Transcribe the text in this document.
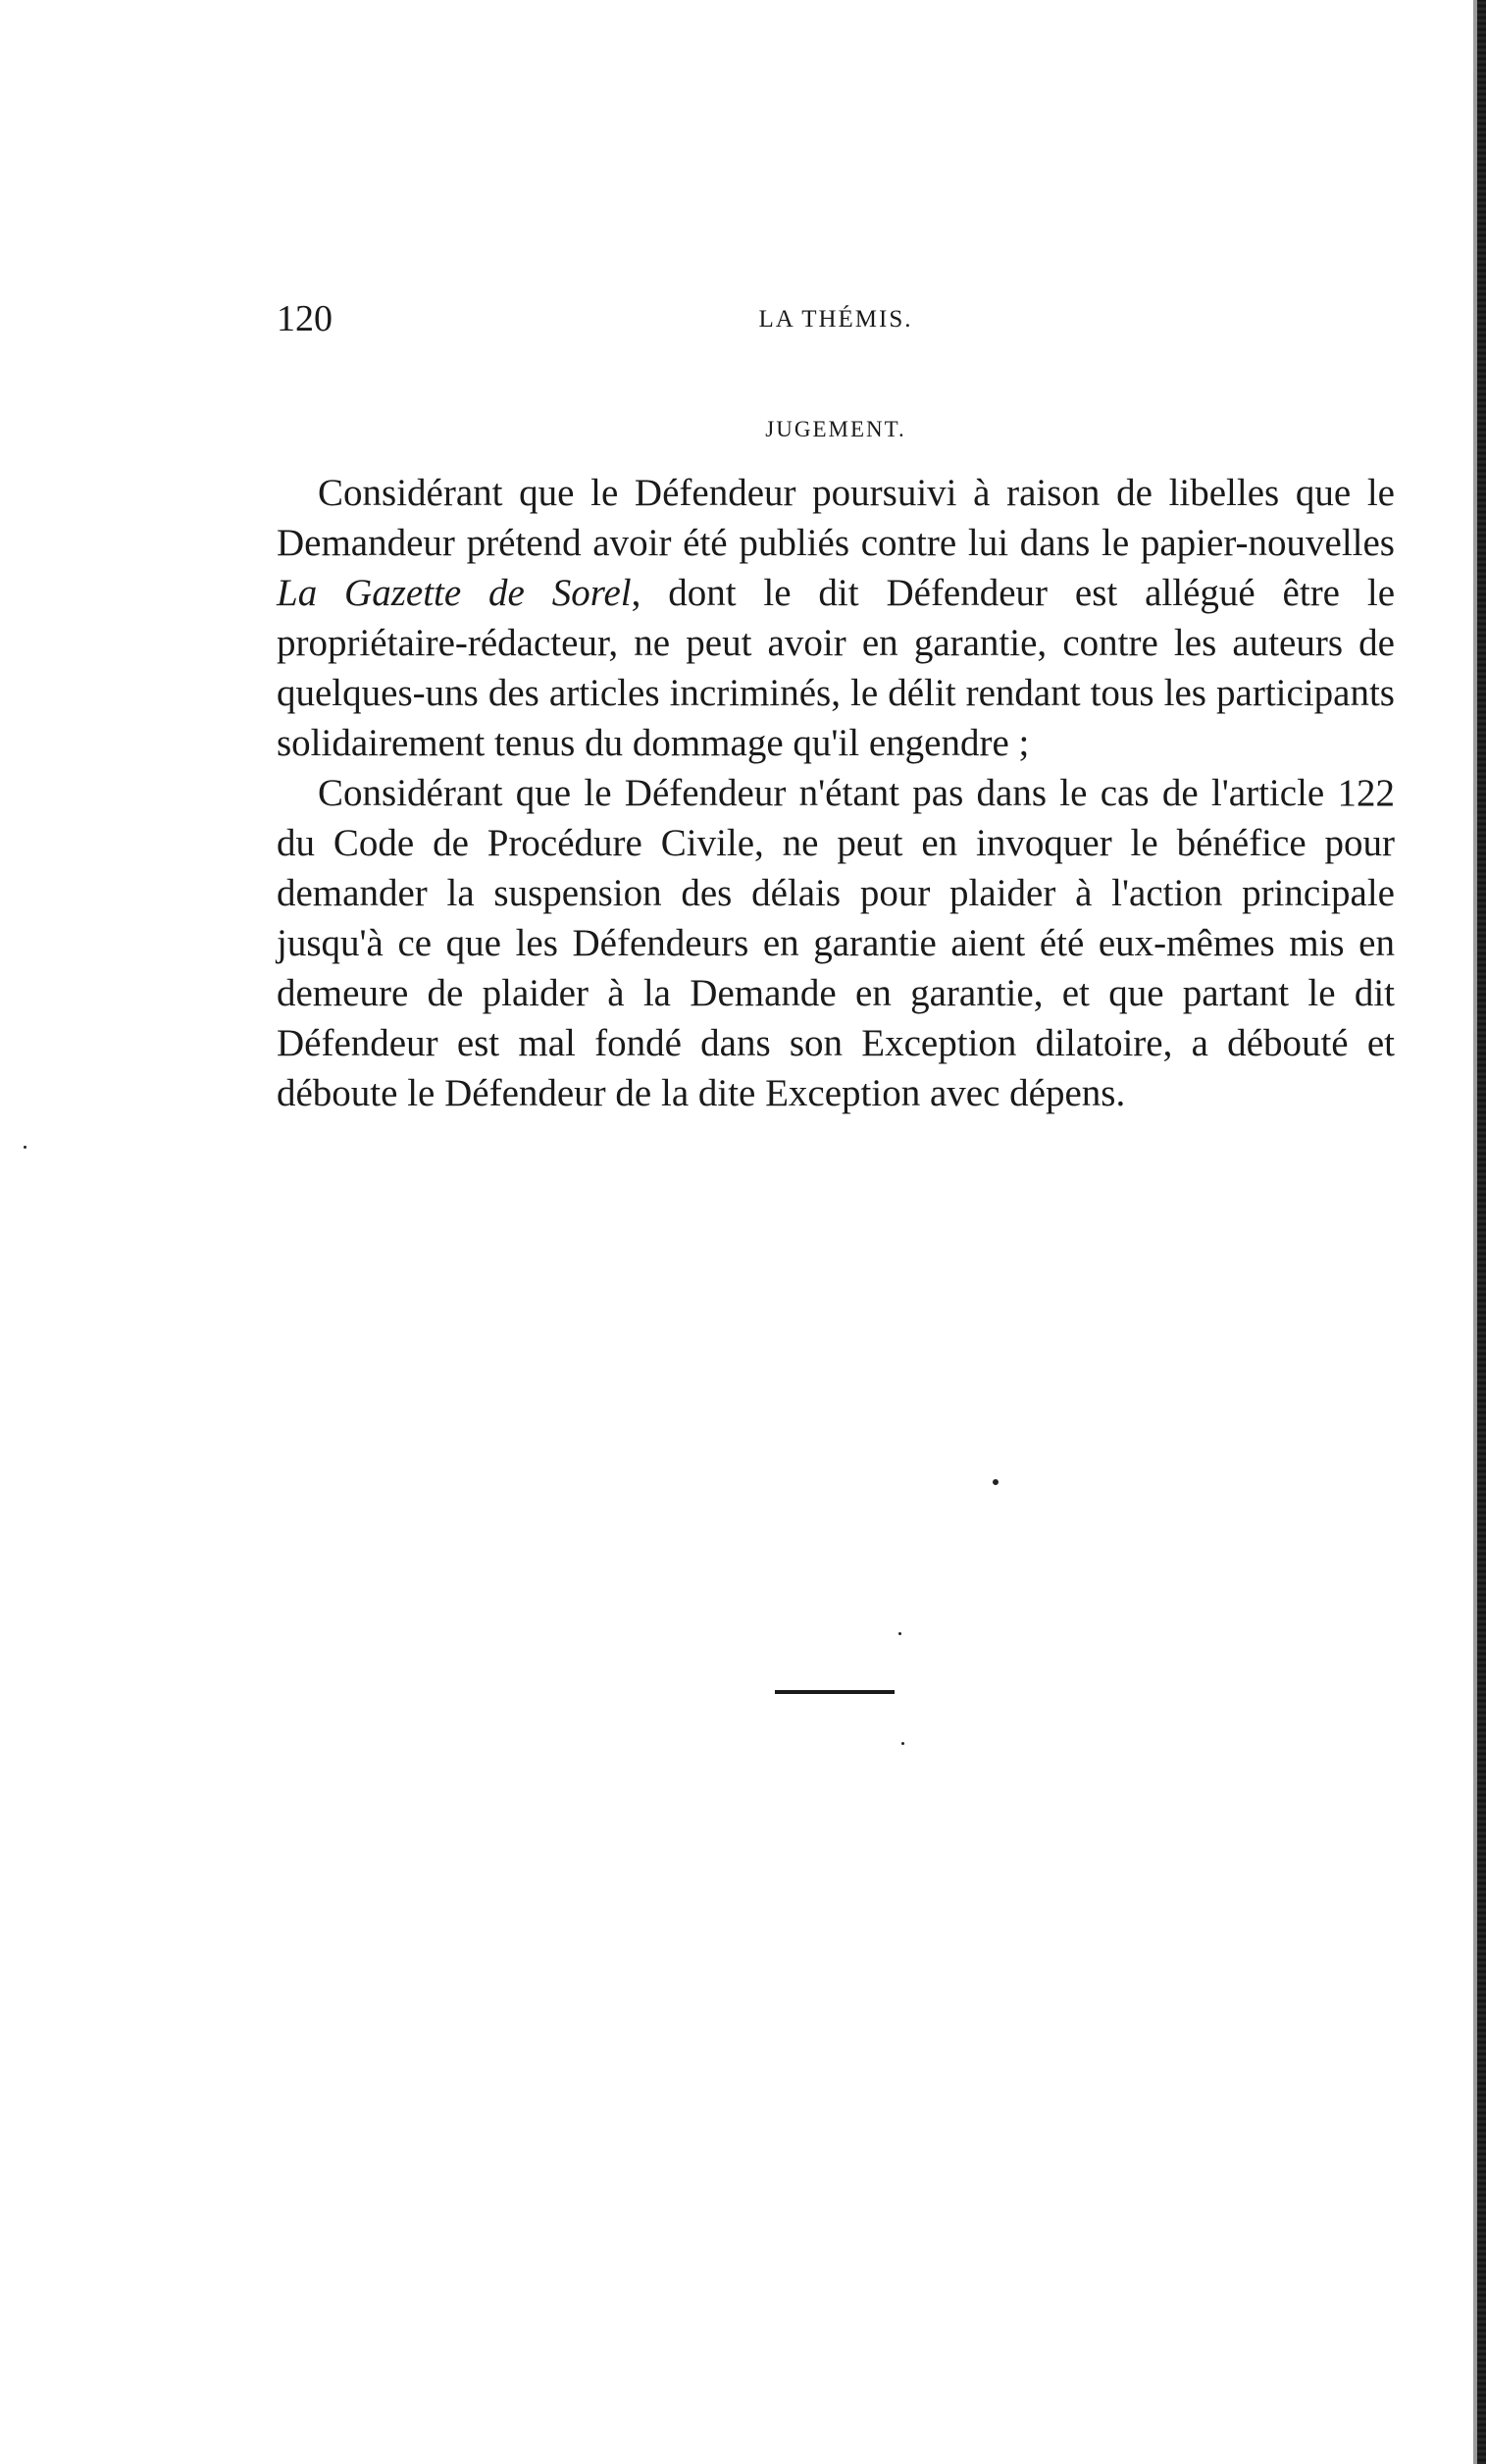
120	LA THÉMIS.
JUGEMENT.

Considérant que le Défendeur poursuivi à raison de libelles que le Demandeur prétend avoir été publiés contre lui dans le papier-nouvelles La Gazette de Sorel, dont le dit Défendeur est allégué être le propriétaire-rédacteur, ne peut avoir en garantie, contre les auteurs de quelques-uns des articles incriminés, le délit rendant tous les participants solidairement tenus du dommage qu'il engendre ;

Considérant que le Défendeur n'étant pas dans le cas de l'article 122 du Code de Procédure Civile, ne peut en invoquer le bénéfice pour demander la suspension des délais pour plaider à l'action principale jusqu'à ce que les Défendeurs en garantie aient été eux-mêmes mis en demeure de plaider à la Demande en garantie, et que partant le dit Défendeur est mal fondé dans son Exception dilatoire, a débouté et déboute le Défendeur de la dite Exception avec dépens.
